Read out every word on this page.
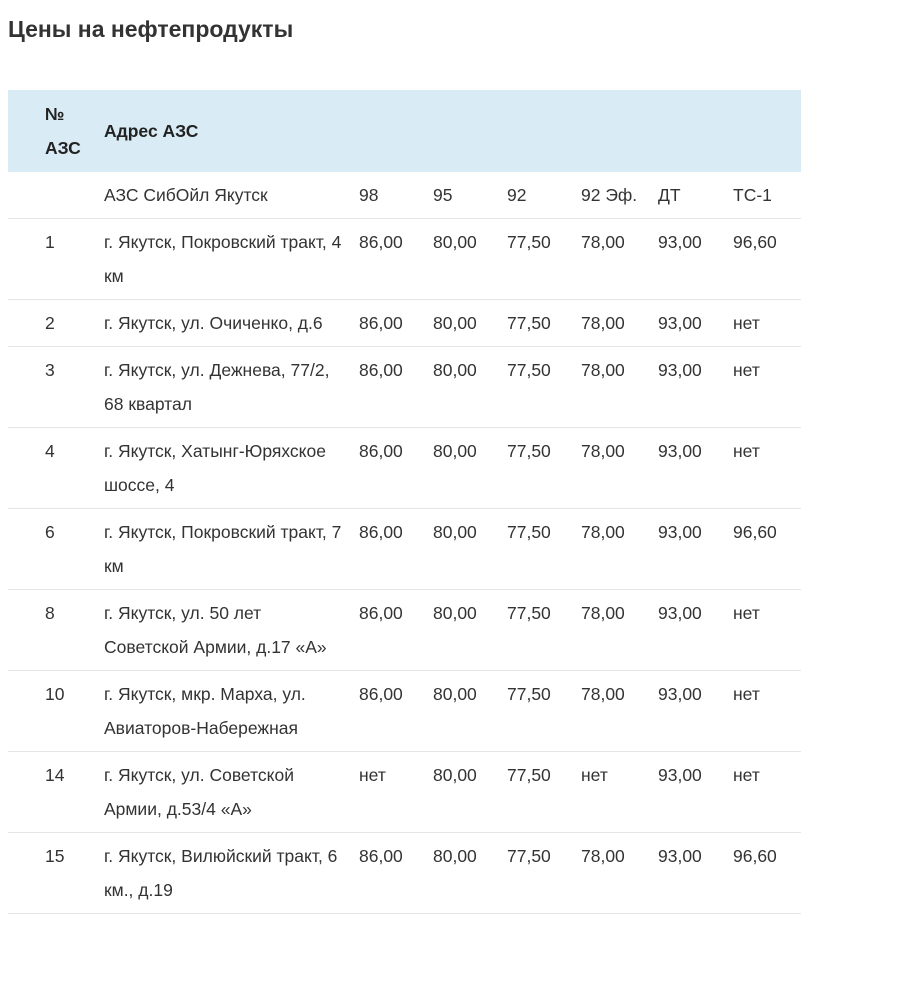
Цены на нефтепродукты
№ АЗС	Адрес АЗС						
	АЗС СибОйл Якутск	98	95	92	92 Эф.	ДТ	ТС-1
1	г. Якутск, Покровский тракт, 4 км	86,00	80,00	77,50	78,00	93,00	96,60
2	г. Якутск, ул. Очиченко, д.6	86,00	80,00	77,50	78,00	93,00	нет
3	г. Якутск, ул. Дежнева, 77/2, 68 квартал	86,00	80,00	77,50	78,00	93,00	нет
4	г. Якутск, Хатынг-Юряхское шоссе, 4	86,00	80,00	77,50	78,00	93,00	нет
6	г. Якутск, Покровский тракт, 7 км	86,00	80,00	77,50	78,00	93,00	96,60
8	г. Якутск, ул. 50 лет Советской Армии, д.17 «А»	86,00	80,00	77,50	78,00	93,00	нет
10	г. Якутск, мкр. Марха, ул. Авиаторов-Набережная	86,00	80,00	77,50	78,00	93,00	нет
14	г. Якутск, ул. Советской Армии, д.53/4 «А»	нет	80,00	77,50	нет	93,00	нет
15	г. Якутск, Вилюйский тракт, 6 км., д.19	86,00	80,00	77,50	78,00	93,00	96,60
